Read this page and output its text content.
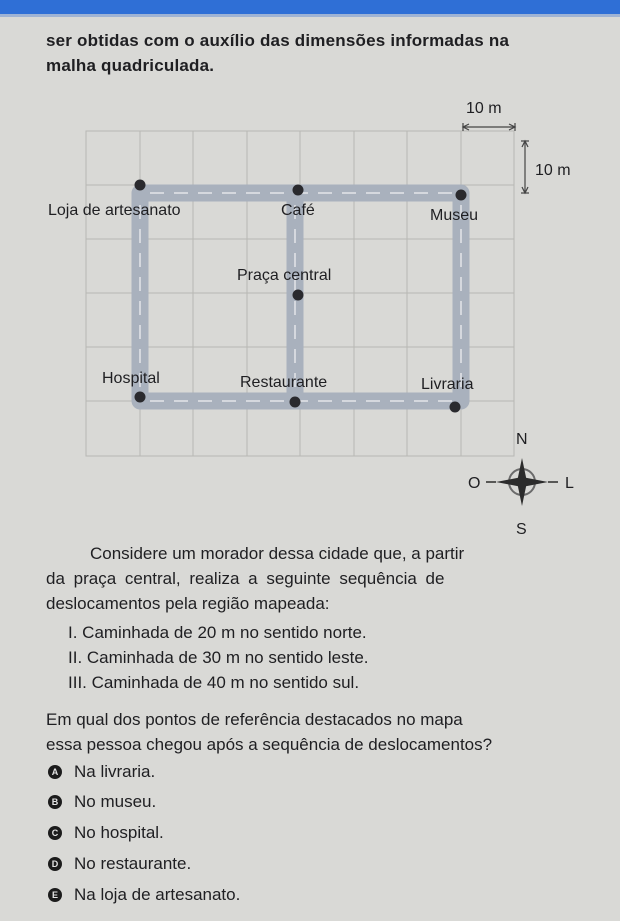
ser obtidas com o auxílio das dimensões informadas na
malha quadriculada.
Loja de artesanato	Café	Museu
Praça central
Hospital	Restaurante	Livraria
10 m
10 m
N
S
O	L
Considere um morador dessa cidade que, a partir
da praça central, realiza a seguinte sequência de
deslocamentos pela região mapeada:
I. Caminhada de 20 m no sentido norte.
II. Caminhada de 30 m no sentido leste.
III. Caminhada de 40 m no sentido sul.
Em qual dos pontos de referência destacados no mapa
essa pessoa chegou após a sequência de deslocamentos?
A Na livraria.
B No museu.
C No hospital.
D No restaurante.
E Na loja de artesanato.
